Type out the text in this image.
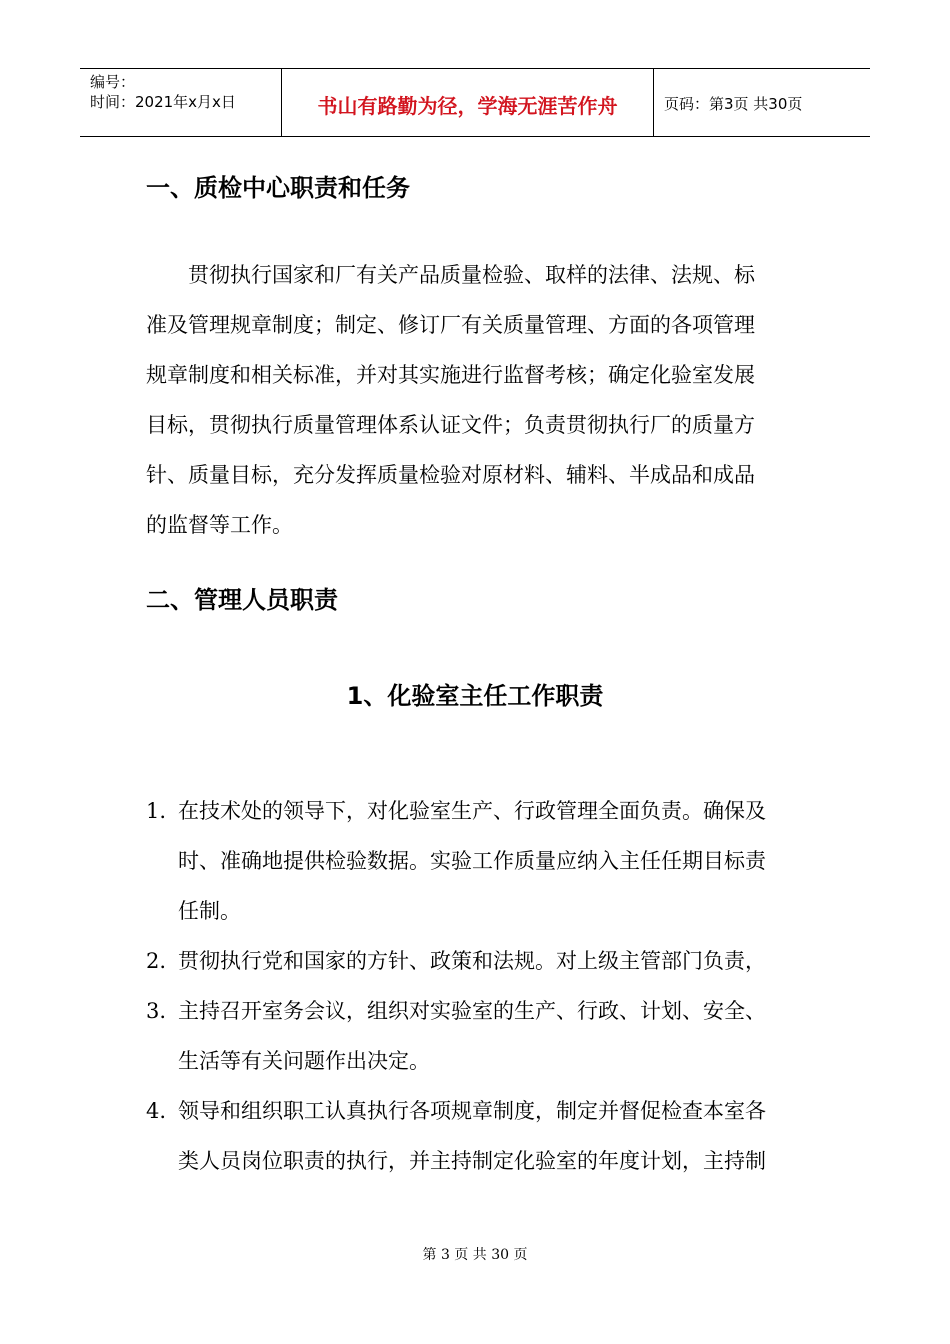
编号：
时间：2021年x月x日	书山有路勤为径，学海无涯苦作舟	页码：第3页 共30页
一、质检中心职责和任务
　　贯彻执行国家和厂有关产品质量检验、取样的法律、法规、标
准及管理规章制度；制定、修订厂有关质量管理、方面的各项管理
规章制度和相关标准，并对其实施进行监督考核；确定化验室发展
目标，贯彻执行质量管理体系认证文件；负责贯彻执行厂的质量方
针、质量目标，充分发挥质量检验对原材料、辅料、半成品和成品
的监督等工作。
二、管理人员职责
1、化验室主任工作职责
1. 在技术处的领导下，对化验室生产、行政管理全面负责。确保及
时、准确地提供检验数据。实验工作质量应纳入主任任期目标责
任制。
2. 贯彻执行党和国家的方针、政策和法规。对上级主管部门负责，
3. 主持召开室务会议，组织对实验室的生产、行政、计划、安全、
生活等有关问题作出决定。
4. 领导和组织职工认真执行各项规章制度，制定并督促检查本室各
类人员岗位职责的执行，并主持制定化验室的年度计划，主持制
第 3 页 共 30 页
